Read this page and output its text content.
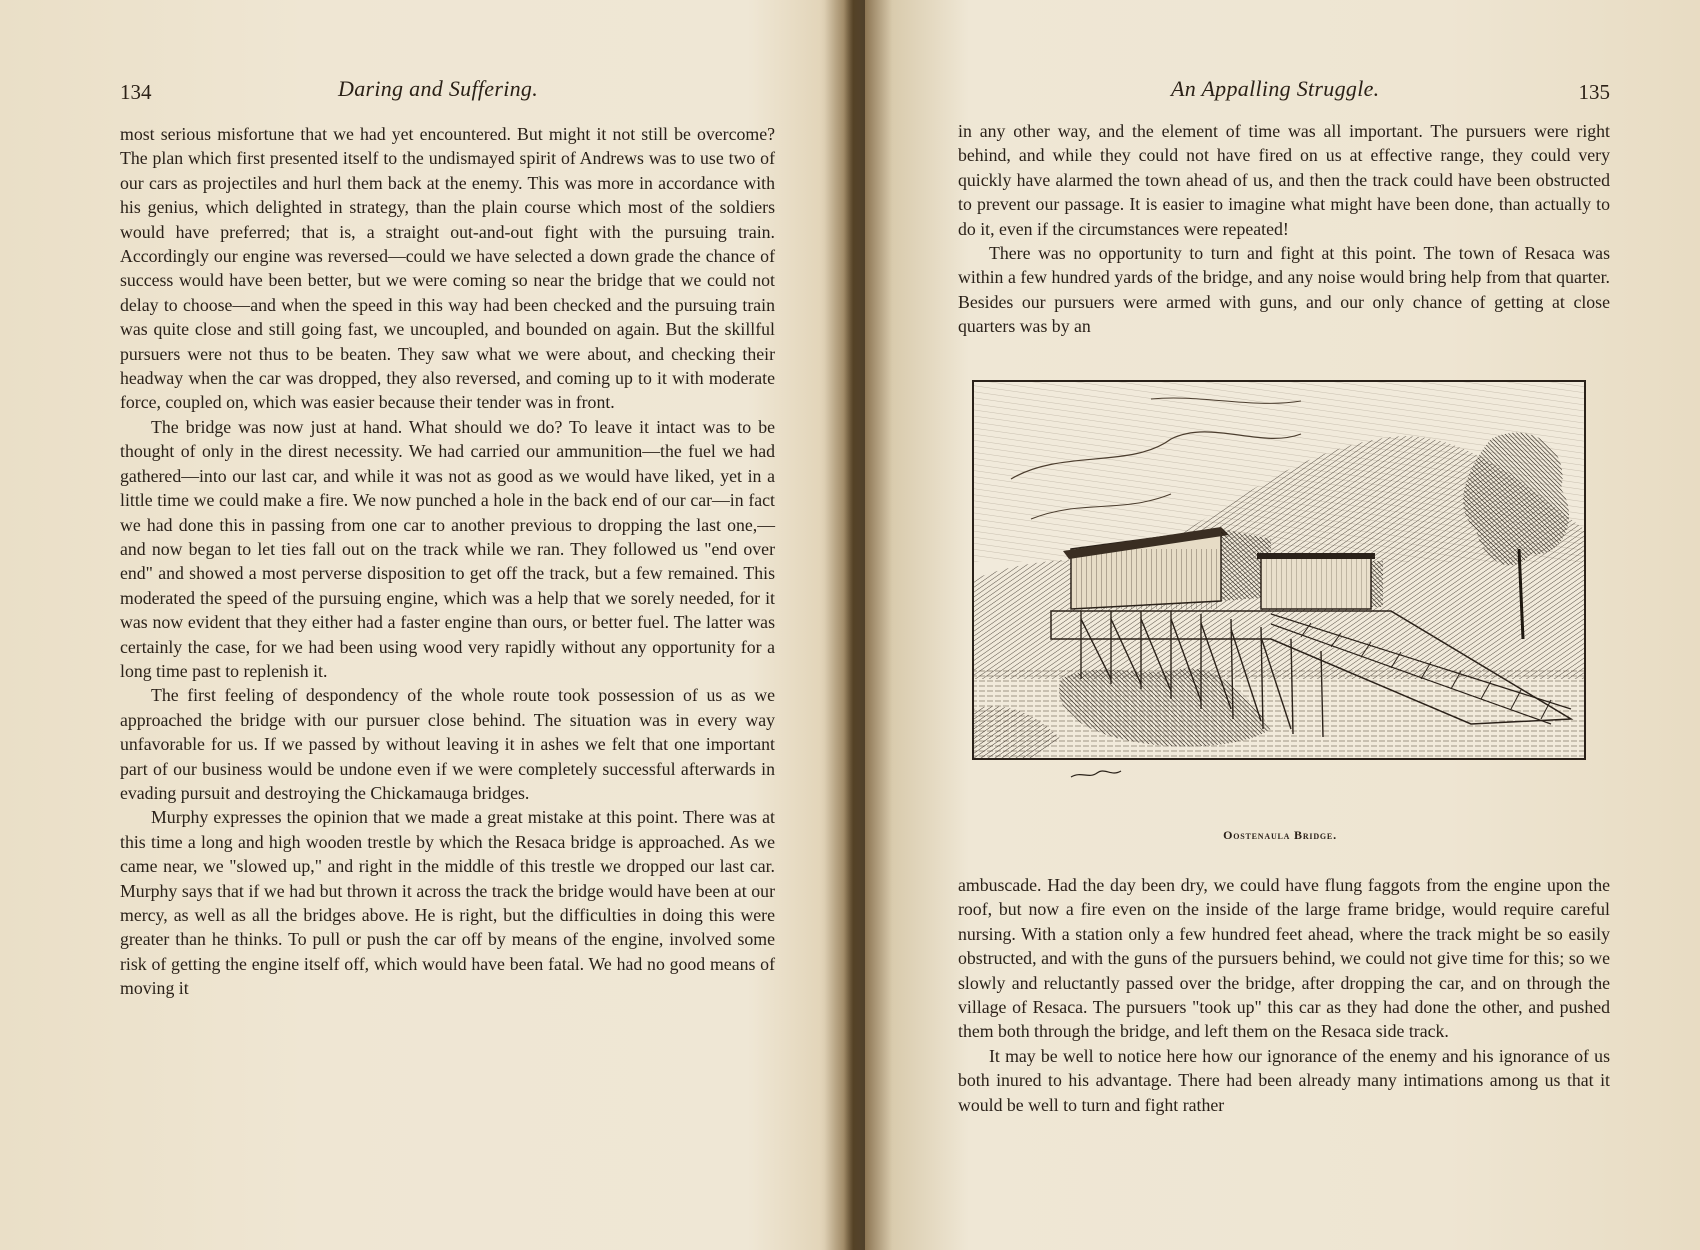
134	Daring and Suffering.

most serious misfortune that we had yet encountered. But might it not still be overcome? The plan which first presented itself to the undismayed spirit of Andrews was to use two of our cars as projectiles and hurl them back at the enemy. This was more in accordance with his genius, which delighted in strategy, than the plain course which most of the soldiers would have preferred; that is, a straight out-and-out fight with the pursuing train. Accordingly our engine was reversed—could we have selected a down grade the chance of success would have been better, but we were coming so near the bridge that we could not delay to choose—and when the speed in this way had been checked and the pursuing train was quite close and still going fast, we uncoupled, and bounded on again. But the skillful pursuers were not thus to be beaten. They saw what we were about, and checking their headway when the car was dropped, they also reversed, and coming up to it with moderate force, coupled on, which was easier because their tender was in front.

The bridge was now just at hand. What should we do? To leave it intact was to be thought of only in the direst necessity. We had carried our ammunition—the fuel we had gathered—into our last car, and while it was not as good as we would have liked, yet in a little time we could make a fire. We now punched a hole in the back end of our car—in fact we had done this in passing from one car to another previous to dropping the last one,— and now began to let ties fall out on the track while we ran. They followed us "end over end" and showed a most perverse disposition to get off the track, but a few remained. This moderated the speed of the pursuing engine, which was a help that we sorely needed, for it was now evident that they either had a faster engine than ours, or better fuel. The latter was certainly the case, for we had been using wood very rapidly without any opportunity for a long time past to replenish it.

The first feeling of despondency of the whole route took possession of us as we approached the bridge with our pursuer close behind. The situation was in every way unfavorable for us. If we passed by without leaving it in ashes we felt that one important part of our business would be undone even if we were completely successful afterwards in evading pursuit and destroying the Chickamauga bridges.

Murphy expresses the opinion that we made a great mistake at this point. There was at this time a long and high wooden trestle by which the Resaca bridge is approached. As we came near, we "slowed up," and right in the middle of this trestle we dropped our last car. Murphy says that if we had but thrown it across the track the bridge would have been at our mercy, as well as all the bridges above. He is right, but the difficulties in doing this were greater than he thinks. To pull or push the car off by means of the engine, involved some risk of getting the engine itself off, which would have been fatal. We had no good means of moving it

An Appalling Struggle.	135

in any other way, and the element of time was all important. The pursuers were right behind, and while they could not have fired on us at effective range, they could very quickly have alarmed the town ahead of us, and then the track could have been obstructed to prevent our passage. It is easier to imagine what might have been done, than actually to do it, even if the circumstances were repeated!

There was no opportunity to turn and fight at this point. The town of Resaca was within a few hundred yards of the bridge, and any noise would bring help from that quarter. Besides our pursuers were armed with guns, and our only chance of getting at close quarters was by an

Oostenaula Bridge.

ambuscade. Had the day been dry, we could have flung faggots from the engine upon the roof, but now a fire even on the inside of the large frame bridge, would require careful nursing. With a station only a few hundred feet ahead, where the track might be so easily obstructed, and with the guns of the pursuers behind, we could not give time for this; so we slowly and reluctantly passed over the bridge, after dropping the car, and on through the village of Resaca. The pursuers "took up" this car as they had done the other, and pushed them both through the bridge, and left them on the Resaca side track.

It may be well to notice here how our ignorance of the enemy and his ignorance of us both inured to his advantage. There had been already many intimations among us that it would be well to turn and fight rather
